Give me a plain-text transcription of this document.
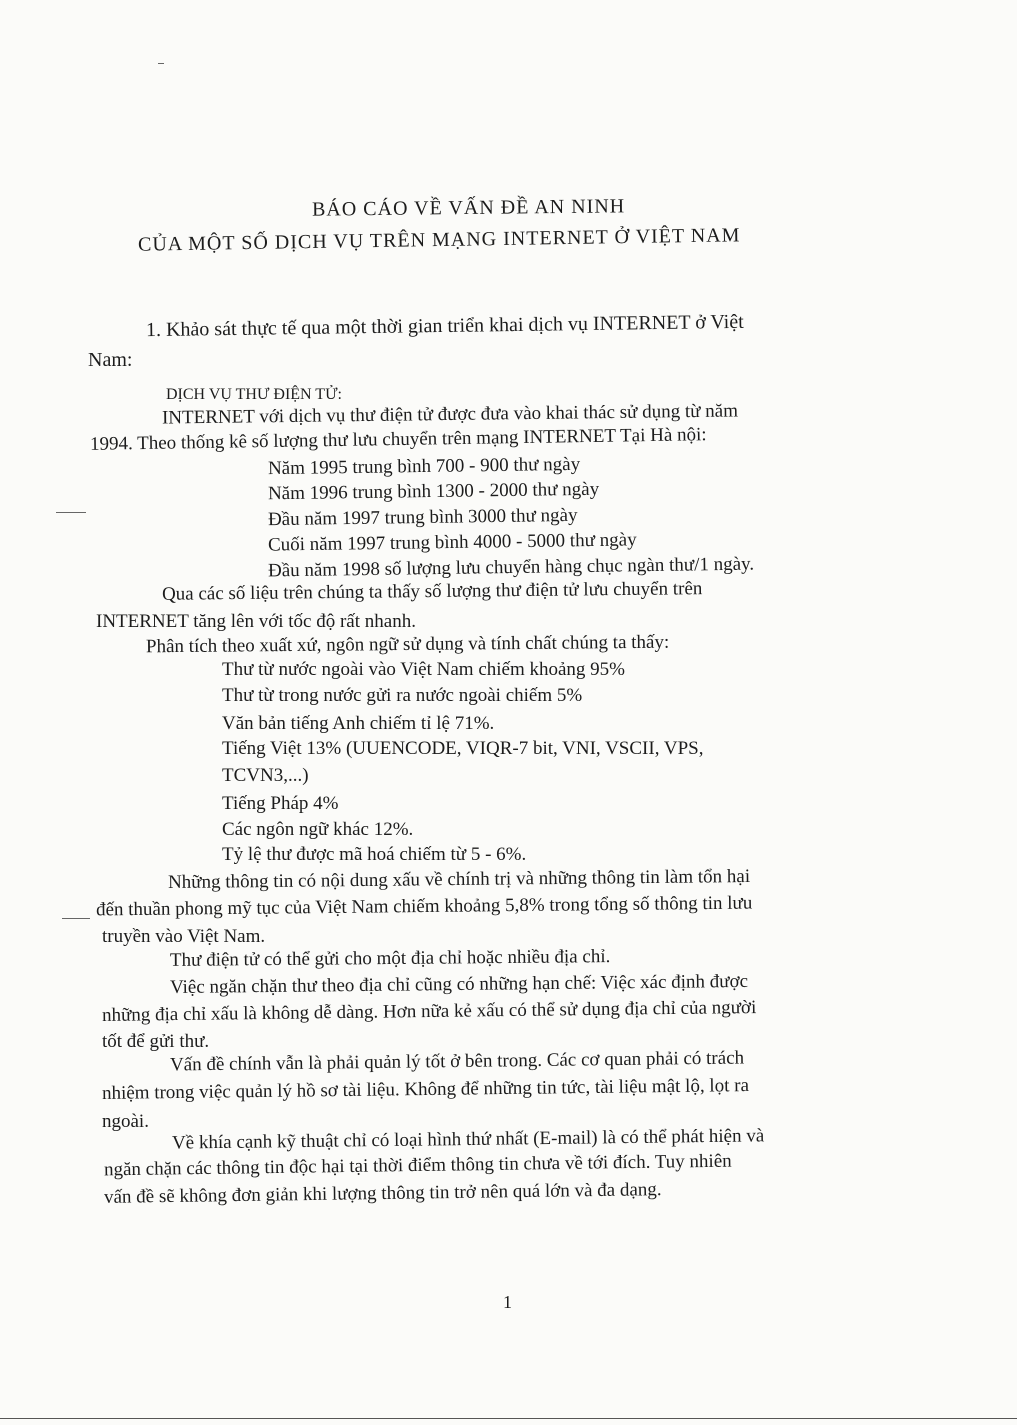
BÁO CÁO VỀ VẤN ĐỀ AN NINH
CỦA MỘT SỐ DỊCH VỤ TRÊN MẠNG INTERNET Ở VIỆT NAM
1. Khảo sát thực tế qua một thời gian triển khai dịch vụ INTERNET ở Việt
Nam:
DỊCH VỤ THƯ ĐIỆN TỬ:
INTERNET với dịch vụ thư điện tử được đưa vào khai thác sử dụng từ năm
1994. Theo thống kê số lượng thư lưu chuyển trên mạng INTERNET Tại Hà nội:
Năm 1995 trung bình 700 - 900 thư ngày
Năm 1996 trung bình 1300 - 2000 thư ngày
Đầu năm 1997 trung bình 3000 thư ngày
Cuối năm 1997 trung bình 4000 - 5000 thư ngày
Đầu năm 1998 số lượng lưu chuyển hàng chục ngàn thư/1 ngày.
Qua các số liệu trên chúng ta thấy số lượng thư điện tử lưu chuyển trên
INTERNET tăng lên với tốc độ rất nhanh.
Phân tích theo xuất xứ, ngôn ngữ sử dụng và tính chất chúng ta thấy:
Thư từ nước ngoài vào Việt Nam chiếm khoảng 95%
Thư từ trong nước gửi ra nước ngoài chiếm 5%
Văn bản tiếng Anh chiếm tỉ lệ 71%.
Tiếng Việt 13% (UUENCODE, VIQR-7 bit, VNI, VSCII, VPS,
TCVN3,...)
Tiếng Pháp 4%
Các ngôn ngữ khác 12%.
Tỷ lệ thư được mã hoá chiếm từ 5 - 6%.
Những thông tin có nội dung xấu về chính trị và những thông tin làm tổn hại
đến thuần phong mỹ tục của Việt Nam chiếm khoảng 5,8% trong tổng số thông tin lưu
truyền vào Việt Nam.
Thư điện tử có thể gửi cho một địa chỉ hoặc nhiều địa chỉ.
Việc ngăn chặn thư theo địa chỉ cũng có những hạn chế: Việc xác định được
những địa chỉ xấu là không dễ dàng. Hơn nữa kẻ xấu có thể sử dụng địa chỉ của người
tốt để gửi thư.
Vấn đề chính vẫn là phải quản lý tốt ở bên trong. Các cơ quan phải có trách
nhiệm trong việc quản lý hồ sơ tài liệu. Không để những tin tức, tài liệu mật lộ, lọt ra
ngoài.
Về khía cạnh kỹ thuật chỉ có loại hình thứ nhất (E-mail) là có thể phát hiện và
ngăn chặn các thông tin độc hại tại thời điểm thông tin chưa về tới đích. Tuy nhiên
vấn đề sẽ không đơn giản khi lượng thông tin trở nên quá lớn và đa dạng.
1
